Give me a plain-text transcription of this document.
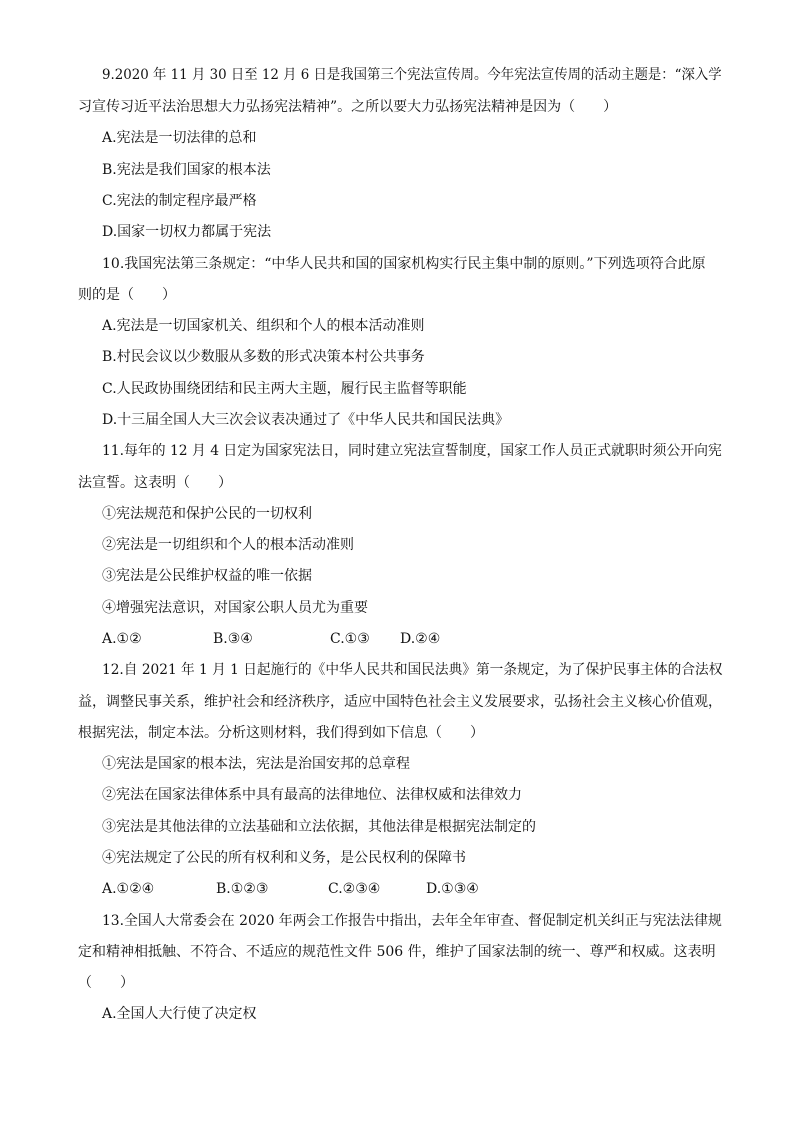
9.2020 年 11 月 30 日至 12 月 6 日是我国第三个宪法宣传周。今年宪法宣传周的活动主题是：“深入学
习宣传习近平法治思想大力弘扬宪法精神”。之所以要大力弘扬宪法精神是因为（　　）
A.宪法是一切法律的总和
B.宪法是我们国家的根本法
C.宪法的制定程序最严格
D.国家一切权力都属于宪法
10.我国宪法第三条规定：“中华人民共和国的国家机构实行民主集中制的原则。”下列选项符合此原
则的是（　　）
A.宪法是一切国家机关、组织和个人的根本活动准则
B.村民会议以少数服从多数的形式决策本村公共事务
C.人民政协围绕团结和民主两大主题，履行民主监督等职能
D.十三届全国人大三次会议表决通过了《中华人民共和国民法典》
11.每年的 12 月 4 日定为国家宪法日，同时建立宪法宣誓制度，国家工作人员正式就职时须公开向宪
法宣誓。这表明（　　）
①宪法规范和保护公民的一切权利
②宪法是一切组织和个人的根本活动准则
③宪法是公民维护权益的唯一依据
④增强宪法意识，对国家公职人员尤为重要
A.①②	B.③④	C.①③	D.②④
12.自 2021 年 1 月 1 日起施行的《中华人民共和国民法典》第一条规定，为了保护民事主体的合法权
益，调整民事关系，维护社会和经济秩序，适应中国特色社会主义发展要求，弘扬社会主义核心价值观，
根据宪法，制定本法。分析这则材料，我们得到如下信息（　　）
①宪法是国家的根本法，宪法是治国安邦的总章程
②宪法在国家法律体系中具有最高的法律地位、法律权威和法律效力
③宪法是其他法律的立法基础和立法依据，其他法律是根据宪法制定的
④宪法规定了公民的所有权利和义务，是公民权利的保障书
A.①②④	B.①②③	C.②③④	D.①③④
13.全国人大常委会在 2020 年两会工作报告中指出，去年全年审查、督促制定机关纠正与宪法法律规
定和精神相抵触、不符合、不适应的规范性文件 506 件，维护了国家法制的统一、尊严和权威。这表明
（　　）
A.全国人大行使了决定权
